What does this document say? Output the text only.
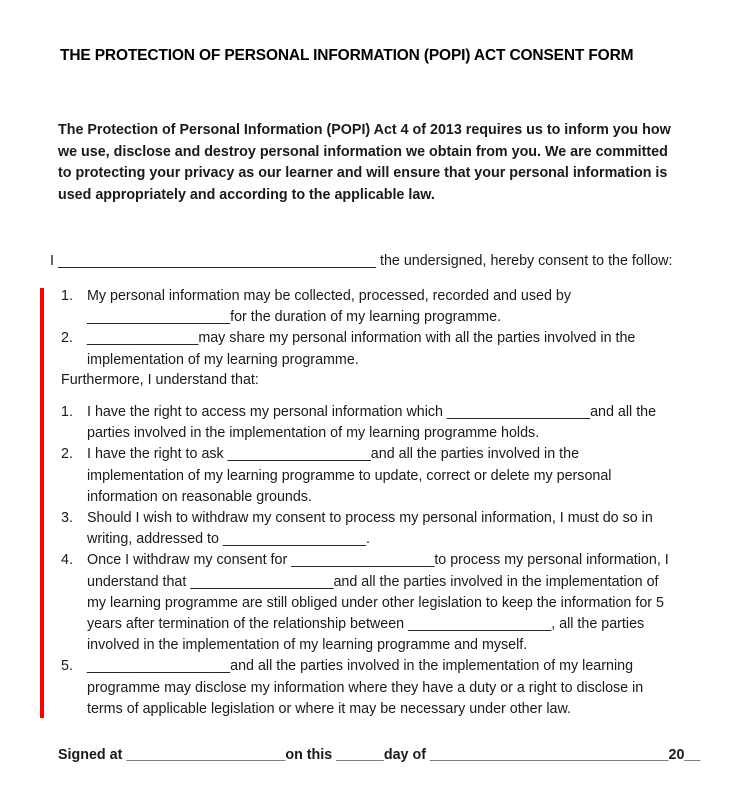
THE PROTECTION OF PERSONAL INFORMATION (POPI) ACT CONSENT FORM
The Protection of Personal Information (POPI) Act 4 of 2013 requires us to inform you how we use, disclose and destroy personal information we obtain from you. We are committed to protecting your privacy as our learner and will ensure that your personal information is used appropriately and according to the applicable law.
I ________________________________________ the undersigned, hereby consent to the follow:
1. My personal information may be collected, processed, recorded and used by __________________for the duration of my learning programme.
2. ______________may share my personal information with all the parties involved in the implementation of my learning programme.
Furthermore, I understand that:
1. I have the right to access my personal information which __________________and all the parties involved in the implementation of my learning programme holds.
2. I have the right to ask __________________and all the parties involved in the implementation of my learning programme to update, correct or delete my personal information on reasonable grounds.
3. Should I wish to withdraw my consent to process my personal information, I must do so in writing, addressed to __________________.
4. Once I withdraw my consent for __________________to process my personal information, I understand that __________________and all the parties involved in the implementation of my learning programme are still obliged under other legislation to keep the information for 5 years after termination of the relationship between __________________, all the parties involved in the implementation of my learning programme and myself.
5. __________________and all the parties involved in the implementation of my learning programme may disclose my information where they have a duty or a right to disclose in terms of applicable legislation or where it may be necessary under other law.
Signed at ____________________on this ______day of ______________________________20__
